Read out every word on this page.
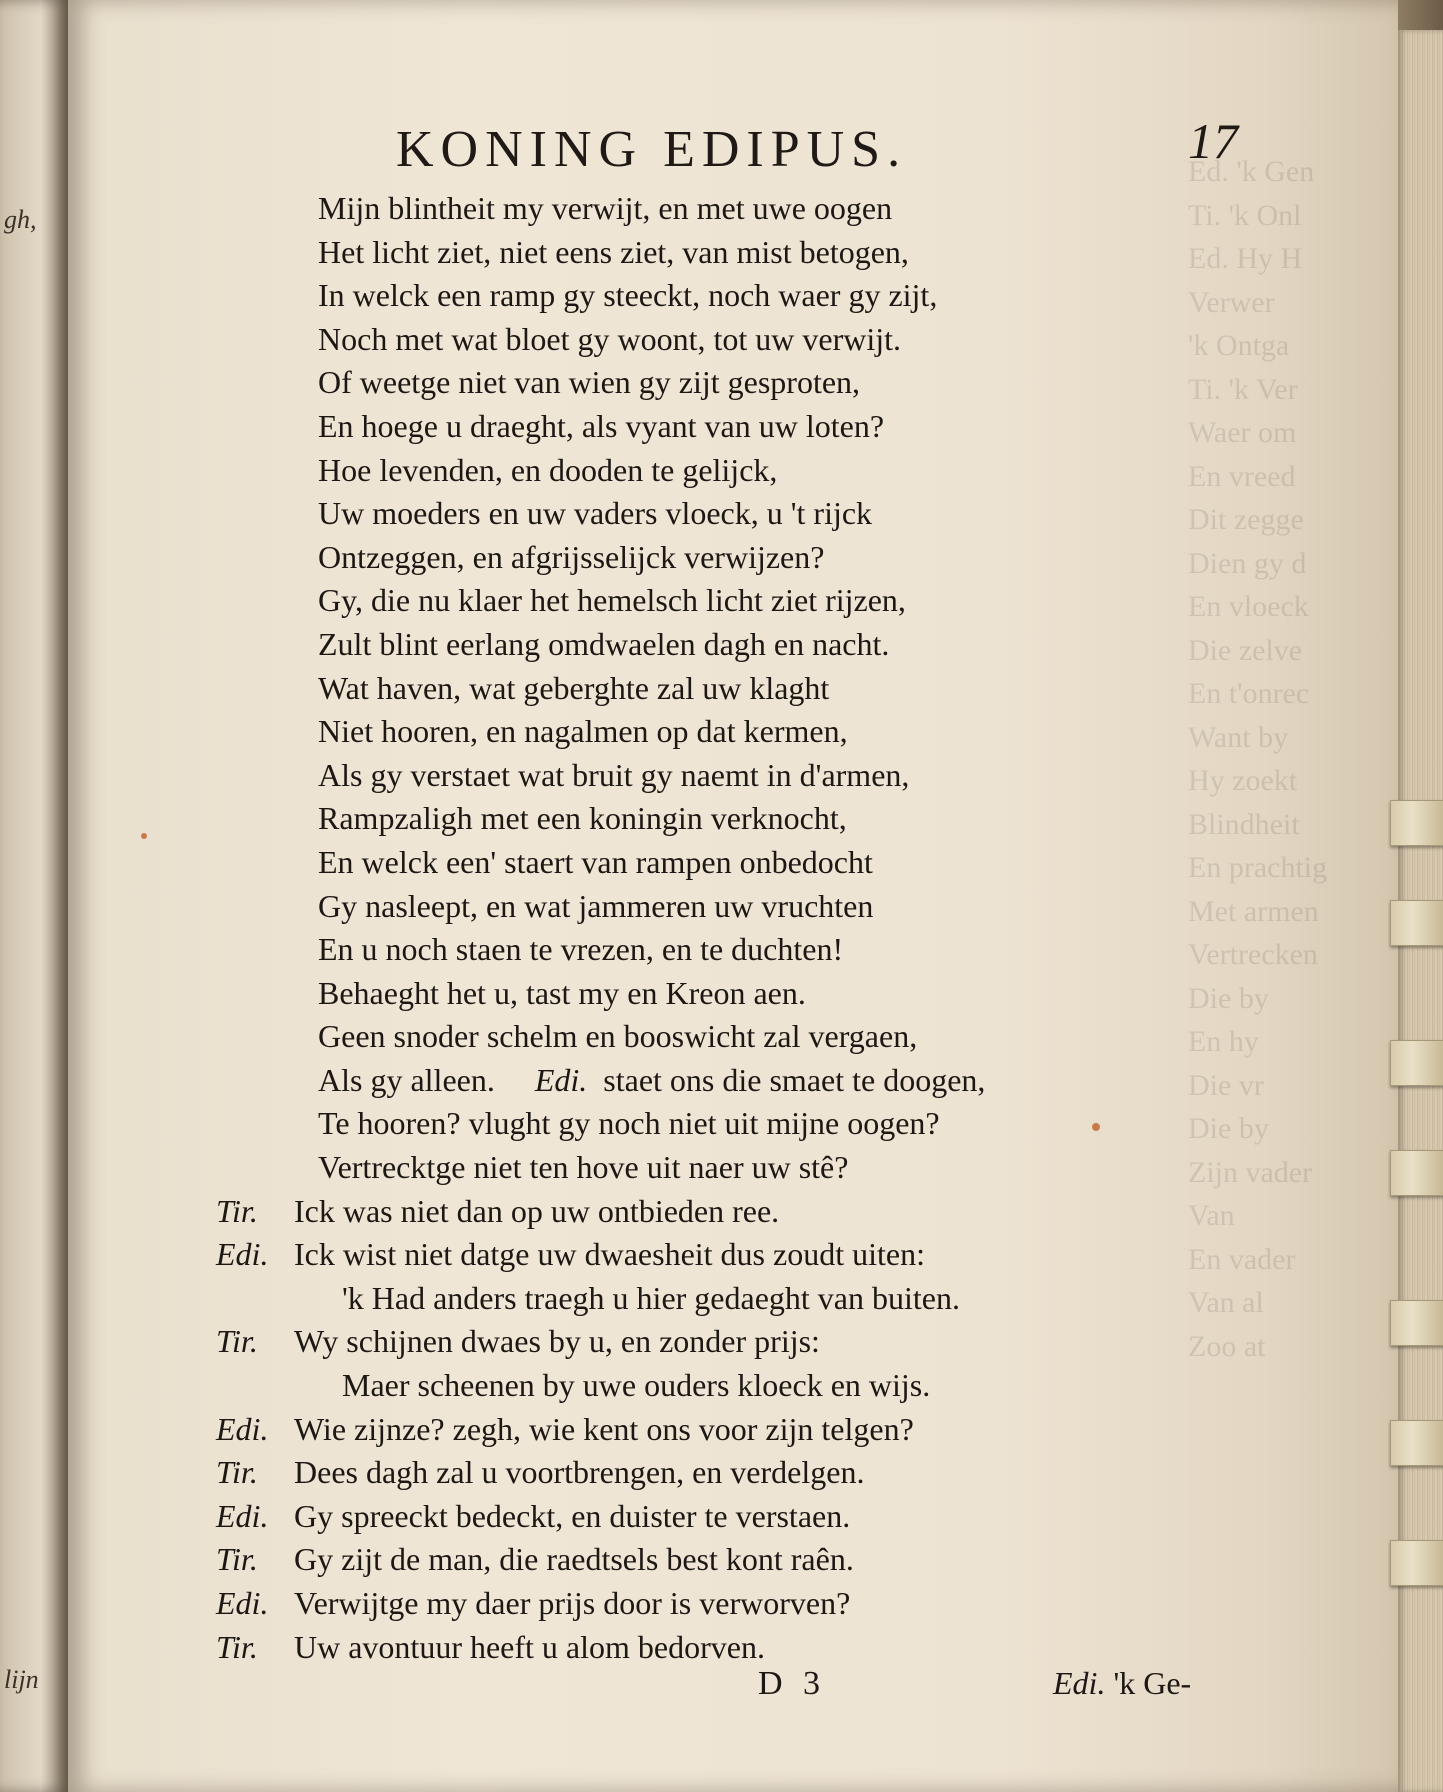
gh,
lijn
Ed. 'k Gen
Ti. 'k Onl
Ed. Hy H
Verwer
'k Ontga
Ti. 'k Ver
Waer om
En vreed
Dit zegge
Dien gy d
En vloeck
Die zelve
En t'onrec
Want by
Hy zoekt
Blindheit
En prachtig
Met armen
Vertrecken
Die by
En hy
Die vr
Die by
Zijn vader
Van
En vader
Van al
Zoo at
KONING EDIPUS.	17
Mijn blintheit my verwijt, en met uwe oogen
Het licht ziet, niet eens ziet, van mist betogen,
In welck een ramp gy steeckt, noch waer gy zijt,
Noch met wat bloet gy woont, tot uw verwijt.
Of weetge niet van wien gy zijt gesproten,
En hoege u draeght, als vyant van uw loten?
Hoe levenden, en dooden te gelijck,
Uw moeders en uw vaders vloeck, u 't rijck
Ontzeggen, en afgrijsselijck verwijzen?
Gy, die nu klaer het hemelsch licht ziet rijzen,
Zult blint eerlang omdwaelen dagh en nacht.
Wat haven, wat geberghte zal uw klaght
Niet hooren, en nagalmen op dat kermen,
Als gy verstaet wat bruit gy naemt in d'armen,
Rampzaligh met een koningin verknocht,
En welck een' staert van rampen onbedocht
Gy nasleept, en wat jammeren uw vruchten
En u noch staen te vrezen, en te duchten!
Behaeght het u, tast my en Kreon aen.
Geen snoder schelm en booswicht zal vergaen,
Als gy alleen. Edi. staet ons die smaet te doogen,
Te hooren? vlught gy noch niet uit mijne oogen?
Vertrecktge niet ten hove uit naer uw stê?
Tir. Ick was niet dan op uw ontbieden ree.
Edi. Ick wist niet datge uw dwaesheit dus zoudt uiten:
'k Had anders traegh u hier gedaeght van buiten.
Tir. Wy schijnen dwaes by u, en zonder prijs:
Maer scheenen by uwe ouders kloeck en wijs.
Edi. Wie zijnze? zegh, wie kent ons voor zijn telgen?
Tir. Dees dagh zal u voortbrengen, en verdelgen.
Edi. Gy spreeckt bedeckt, en duister te verstaen.
Tir. Gy zijt de man, die raedtsels best kont raên.
Edi. Verwijtge my daer prijs door is verworven?
Tir. Uw avontuur heeft u alom bedorven.
D 3	Edi. 'k Ge-
